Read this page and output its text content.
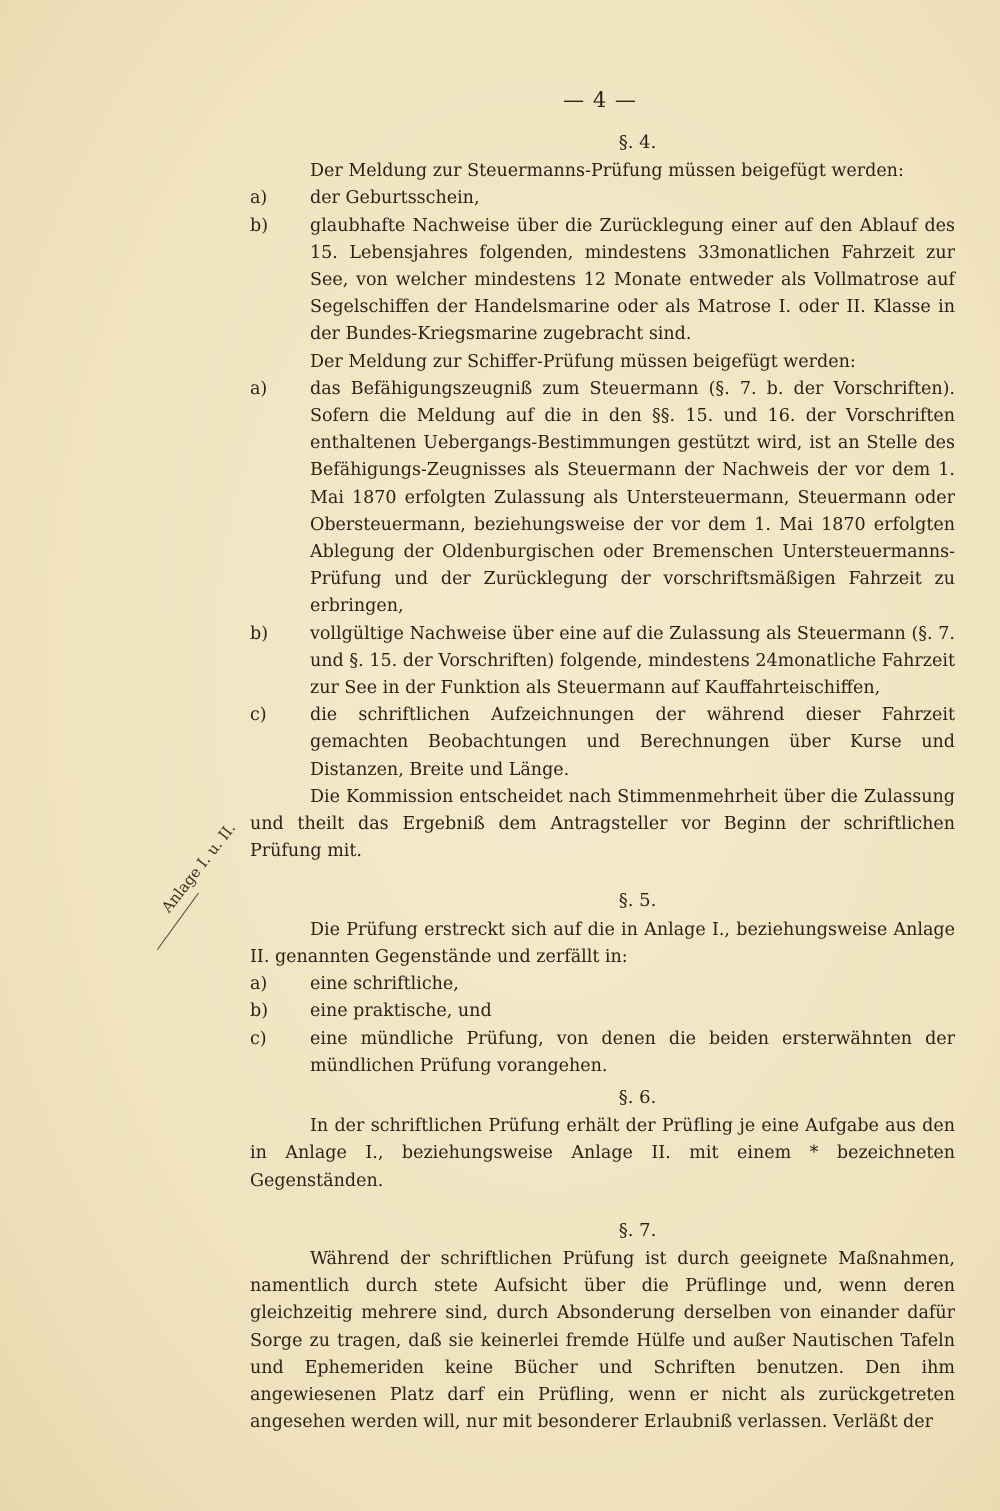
— 4 —
Anlage I. u. II.
§. 4.

Der Meldung zur Steuermanns-Prüfung müssen beigefügt werden:

a)	der Geburtsschein,
b)	glaubhafte Nachweise über die Zurücklegung einer auf den Ablauf des 15. Lebensjahres folgenden, mindestens 33monatlichen Fahrzeit zur See, von welcher mindestens 12 Monate entweder als Vollmatrose auf Segelschiffen der Handelsmarine oder als Matrose I. oder II. Klasse in der Bundes-Kriegsmarine zugebracht sind.

Der Meldung zur Schiffer-Prüfung müssen beigefügt werden:

a)	das Befähigungszeugniß zum Steuermann (§. 7. b. der Vorschriften). Sofern die Meldung auf die in den §§. 15. und 16. der Vorschriften enthaltenen Uebergangs-Bestimmungen gestützt wird, ist an Stelle des Befähigungs-Zeugnisses als Steuermann der Nachweis der vor dem 1. Mai 1870 erfolgten Zulassung als Untersteuermann, Steuermann oder Obersteuermann, beziehungsweise der vor dem 1. Mai 1870 erfolgten Ablegung der Oldenburgischen oder Bremenschen Untersteuermanns-Prüfung und der Zurücklegung der vorschriftsmäßigen Fahrzeit zu erbringen,
b)	vollgültige Nachweise über eine auf die Zulassung als Steuermann (§. 7. und §. 15. der Vorschriften) folgende, mindestens 24monatliche Fahrzeit zur See in der Funktion als Steuermann auf Kauffahrteischiffen,
c)	die schriftlichen Aufzeichnungen der während dieser Fahrzeit gemachten Beobachtungen und Berechnungen über Kurse und Distanzen, Breite und Länge.

Die Kommission entscheidet nach Stimmenmehrheit über die Zulassung und theilt das Ergebniß dem Antragsteller vor Beginn der schriftlichen Prüfung mit.

§. 5.

Die Prüfung erstreckt sich auf die in Anlage I., beziehungsweise Anlage II. genannten Gegenstände und zerfällt in:

a)	eine schriftliche,
b)	eine praktische, und
c)	eine mündliche Prüfung, von denen die beiden ersterwähnten der mündlichen Prüfung vorangehen.
§. 6.

In der schriftlichen Prüfung erhält der Prüfling je eine Aufgabe aus den in Anlage I., beziehungsweise Anlage II. mit einem * bezeichneten Gegenständen.

§. 7.

Während der schriftlichen Prüfung ist durch geeignete Maßnahmen, namentlich durch stete Aufsicht über die Prüflinge und, wenn deren gleichzeitig mehrere sind, durch Absonderung derselben von einander dafür Sorge zu tragen, daß sie keinerlei fremde Hülfe und außer Nautischen Tafeln und Ephemeriden keine Bücher und Schriften benutzen. Den ihm angewiesenen Platz darf ein Prüfling, wenn er nicht als zurückgetreten angesehen werden will, nur mit besonderer Erlaubniß verlassen. Verläßt der
